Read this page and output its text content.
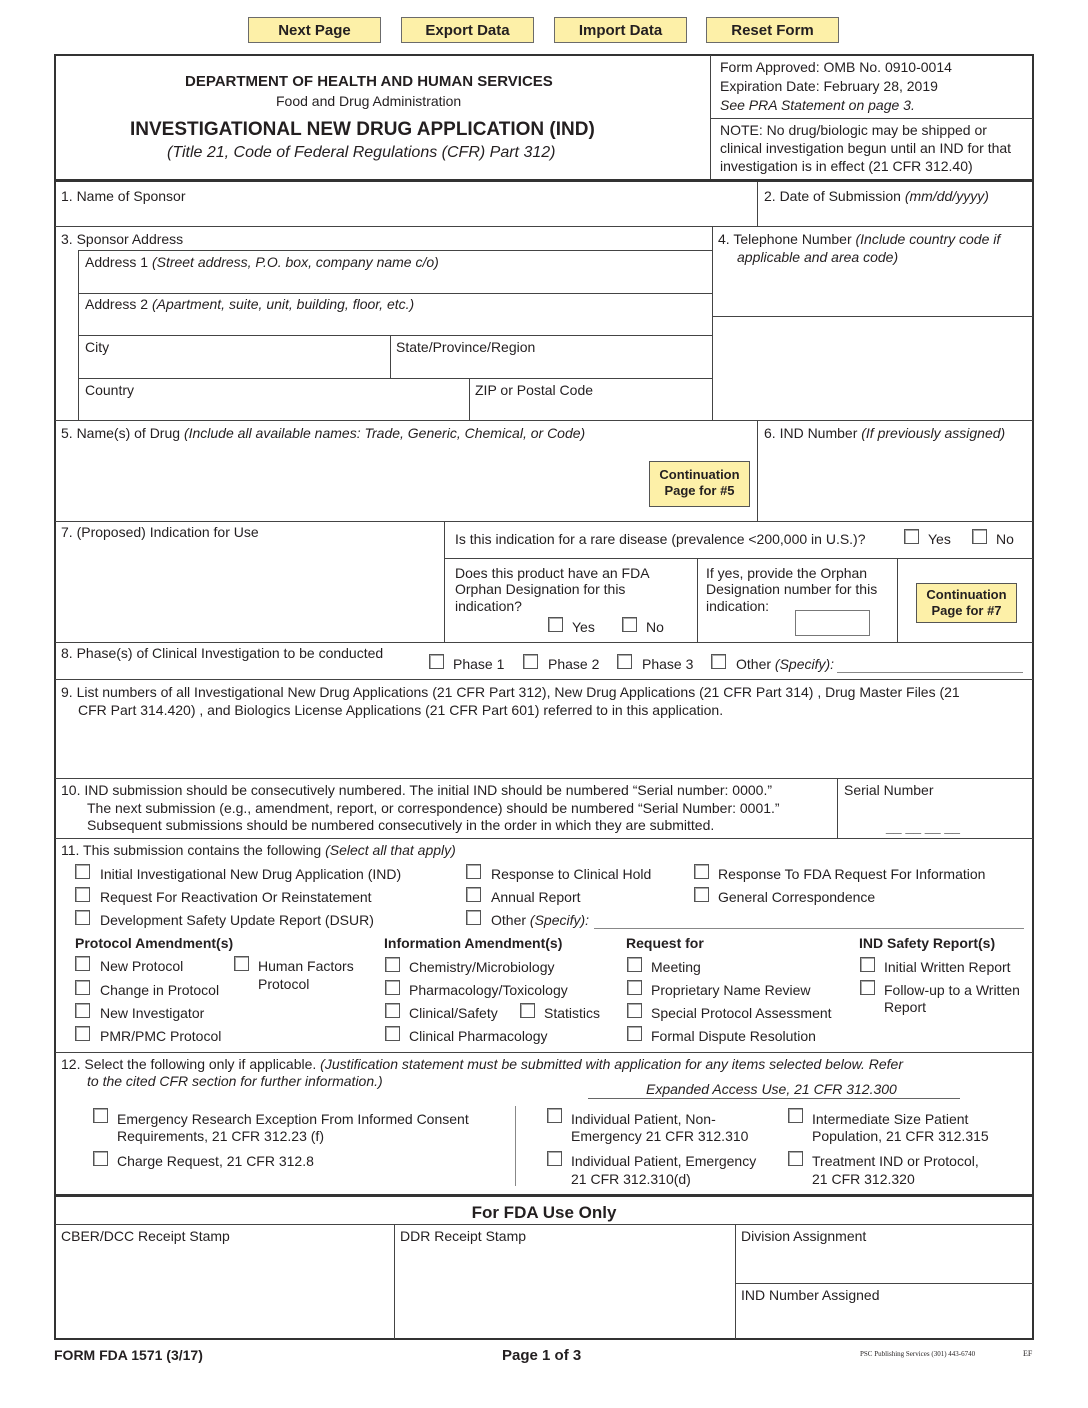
Next Page	Export Data	Import Data	Reset Form
DEPARTMENT OF HEALTH AND HUMAN SERVICES
Food and Drug Administration
INVESTIGATIONAL NEW DRUG APPLICATION (IND)
(Title 21, Code of Federal Regulations (CFR) Part 312)
Form Approved: OMB No. 0910-0014
Expiration Date: February 28, 2019
See PRA Statement on page 3.
NOTE: No drug/biologic may be shipped or
clinical investigation begun until an IND for that
investigation is in effect (21 CFR 312.40)
1. Name of Sponsor	2. Date of Submission (mm/dd/yyyy)
3. Sponsor Address
Address 1 (Street address, P.O. box, company name c/o)
Address 2 (Apartment, suite, unit, building, floor, etc.)
City	State/Province/Region
Country	ZIP or Postal Code
4. Telephone Number (Include country code if
applicable and area code)
5. Name(s) of Drug (Include all available names: Trade, Generic, Chemical, or Code)
Continuation
Page for #5
6. IND Number (If previously assigned)
7. (Proposed) Indication for Use	Is this indication for a rare disease (prevalence <200,000 in U.S.)?	Yes	No
Does this product have an FDA
Orphan Designation for this
indication?
Yes	No
If yes, provide the Orphan
Designation number for this
indication:
Continuation
Page for #7
8. Phase(s) of Clinical Investigation to be conducted
Phase 1	Phase 2	Phase 3	Other (Specify):
9. List numbers of all Investigational New Drug Applications (21 CFR Part 312), New Drug Applications (21 CFR Part 314) , Drug Master Files (21
CFR Part 314.420) , and Biologics License Applications (21 CFR Part 601) referred to in this application.
10. IND submission should be consecutively numbered. The initial IND should be numbered “Serial number: 0000.”
The next submission (e.g., amendment, report, or correspondence) should be numbered “Serial Number: 0001.”
Subsequent submissions should be numbered consecutively in the order in which they are submitted.
Serial Number
__ __ __ __
11. This submission contains the following (Select all that apply)
Initial Investigational New Drug Application (IND)
Request For Reactivation Or Reinstatement
Development Safety Update Report (DSUR)
Response to Clinical Hold
Annual Report
Other (Specify):
Response To FDA Request For Information
General Correspondence
Protocol Amendment(s)	Information Amendment(s)	Request for	IND Safety Report(s)
New Protocol
Change in Protocol
New Investigator
PMR/PMC Protocol
Human Factors
Protocol
Chemistry/Microbiology
Pharmacology/Toxicology
Clinical/Safety	Statistics
Clinical Pharmacology
Meeting
Proprietary Name Review
Special Protocol Assessment
Formal Dispute Resolution
Initial Written Report
Follow-up to a Written
Report
12. Select the following only if applicable. (Justification statement must be submitted with application for any items selected below. Refer
to the cited CFR section for further information.)	Expanded Access Use, 21 CFR 312.300
Emergency Research Exception From Informed Consent
Requirements, 21 CFR 312.23 (f)
Charge Request, 21 CFR 312.8
Individual Patient, Non-
Emergency 21 CFR 312.310
Individual Patient, Emergency
21 CFR 312.310(d)
Intermediate Size Patient
Population, 21 CFR 312.315
Treatment IND or Protocol,
21 CFR 312.320
For FDA Use Only
CBER/DCC Receipt Stamp	DDR Receipt Stamp	Division Assignment
IND Number Assigned
FORM FDA 1571 (3/17)	Page 1 of 3	PSC Publishing Services (301) 443-6740	EF
